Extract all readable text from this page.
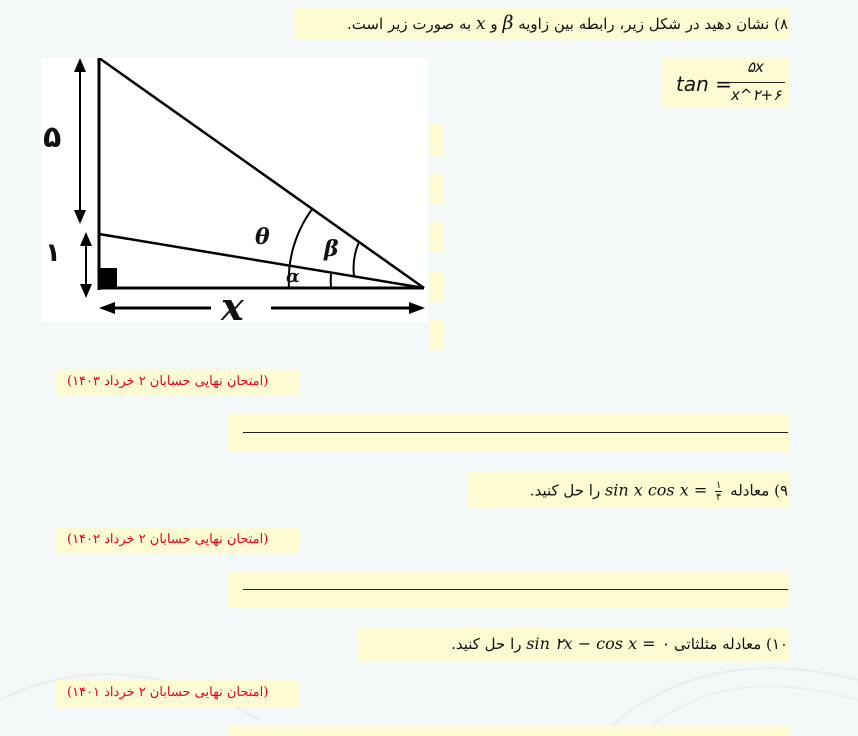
۸) نشان دهید در شکل زیر، رابطه بین زاویه β و x به صورت زیر است.
tan =
۵x
x^۲+۶
۵
۱
x
θ β
α
(امتحان نهایی حسابان ۲ خرداد ۱۴۰۳)
۹) معادله
۱
۴
sin x cos x = را حل کنید.
(امتحان نهایی حسابان ۲ خرداد ۱۴۰۲)
۱۰) معادله مثلثاتی sin ۲x − cos x = ۰ را حل کنید.
(امتحان نهایی حسابان ۲ خرداد ۱۴۰۱)
